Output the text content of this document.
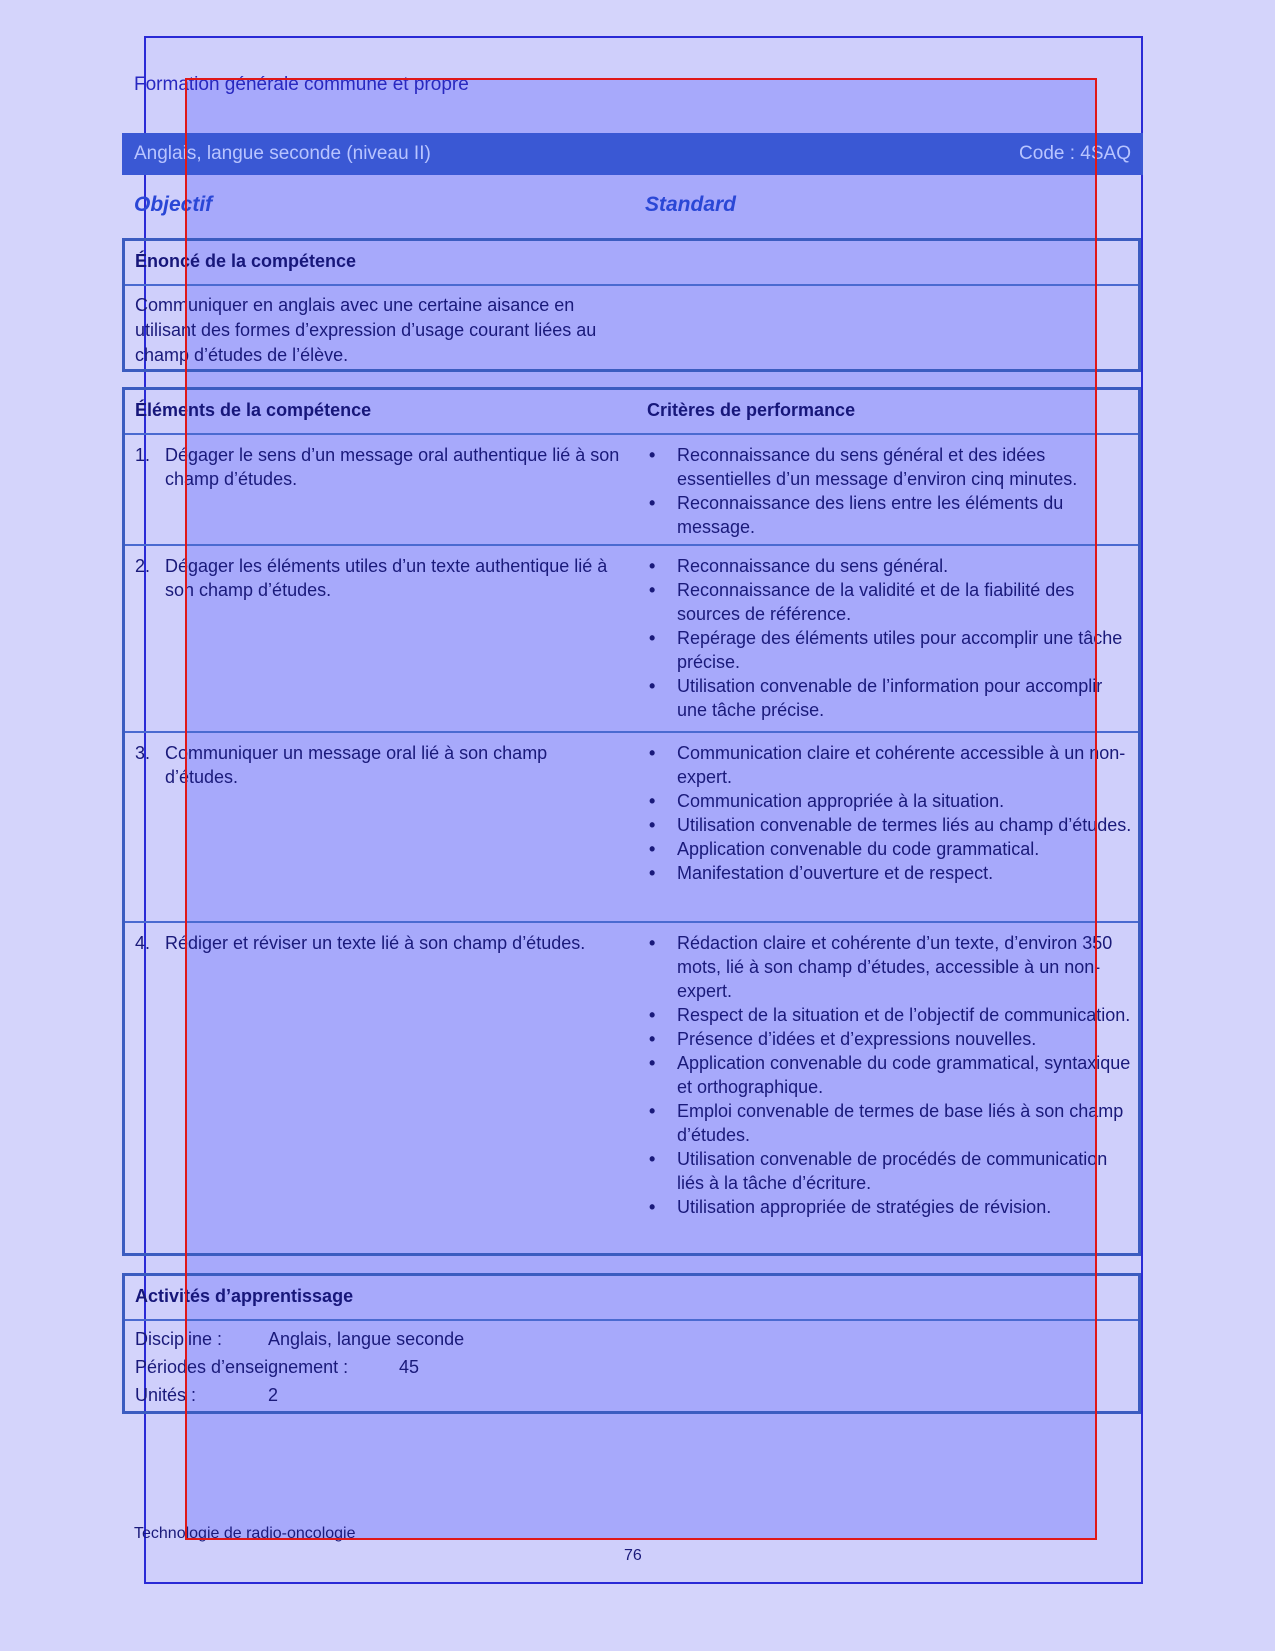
Formation générale commune et propre
Anglais, langue seconde (niveau II)	Code : 4SAQ
Objectif	Standard
Énoncé de la compétence
Communiquer en anglais avec une certaine aisance en utilisant des formes d’expression d’usage courant liées au champ d’études de l’élève.
Éléments de la compétence	Critères de performance
1. Dégager le sens d’un message oral authentique lié à son champ d’études.
• Reconnaissance du sens général et des idées essentielles d’un message d’environ cinq minutes.
• Reconnaissance des liens entre les éléments du message.
2. Dégager les éléments utiles d’un texte authentique lié à son champ d’études.
• Reconnaissance du sens général.
• Reconnaissance de la validité et de la fiabilité des sources de référence.
• Repérage des éléments utiles pour accomplir une tâche précise.
• Utilisation convenable de l’information pour accomplir une tâche précise.
3. Communiquer un message oral lié à son champ d’études.
• Communication claire et cohérente accessible à un non-expert.
• Communication appropriée à la situation.
• Utilisation convenable de termes liés au champ d’études.
• Application convenable du code grammatical.
• Manifestation d’ouverture et de respect.
4. Rédiger et réviser un texte lié à son champ d’études.
•	Rédaction claire et cohérente d’un texte, d’environ 350 mots, lié à son champ d’études, accessible à un non-expert.
• Respect de la situation et de l’objectif de communication.
• Présence d’idées et d’expressions nouvelles.
• Application convenable du code grammatical, syntaxique et orthographique.
• Emploi convenable de termes de base liés à son champ d’études.
• Utilisation convenable de procédés de communication liés à la tâche d’écriture.
• Utilisation appropriée de stratégies de révision.
Activités d’apprentissage
Discipline :	Anglais, langue seconde
Périodes d’enseignement :	45
Unités :	2
Technologie de radio-oncologie
76
